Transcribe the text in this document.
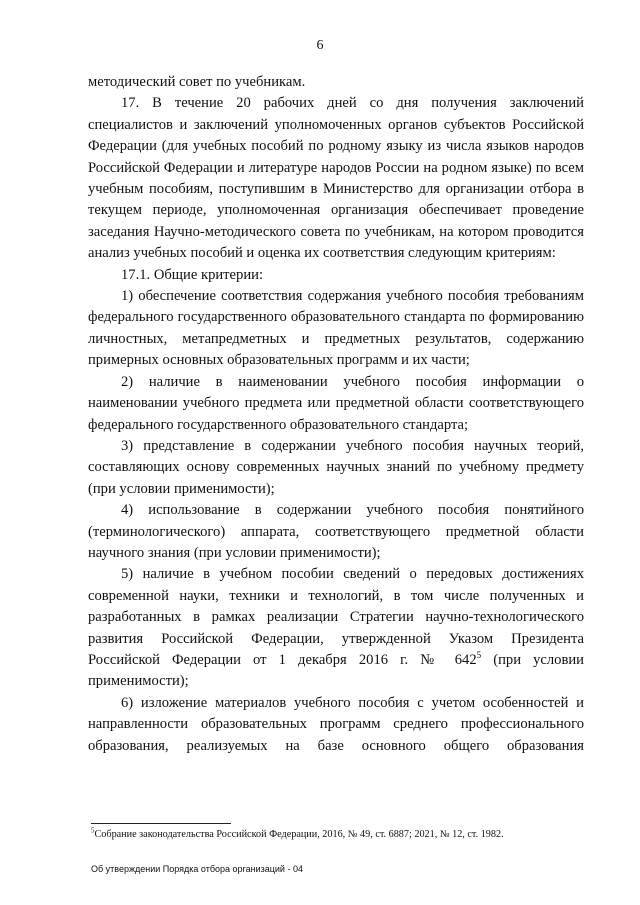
6

методический совет по учебникам.

17. В течение 20 рабочих дней со дня получения заключений специалистов и заключений уполномоченных органов субъектов Российской Федерации (для учебных пособий по родному языку из числа языков народов Российской Федерации и литературе народов России на родном языке) по всем учебным пособиям, поступившим в Министерство для организации отбора в текущем периоде, уполномоченная организация обеспечивает проведение заседания Научно-методического совета по учебникам, на котором проводится анализ учебных пособий и оценка их соответствия следующим критериям:

17.1. Общие критерии:

1) обеспечение соответствия содержания учебного пособия требованиям федерального государственного образовательного стандарта по формированию личностных, метапредметных и предметных результатов, содержанию примерных основных образовательных программ и их части;

2) наличие в наименовании учебного пособия информации о наименовании учебного предмета или предметной области соответствующего федерального государственного образовательного стандарта;

3) представление в содержании учебного пособия научных теорий, составляющих основу современных научных знаний по учебному предмету (при условии применимости);

4) использование в содержании учебного пособия понятийного (терминологического) аппарата, соответствующего предметной области научного знания (при условии применимости);

5) наличие в учебном пособии сведений о передовых достижениях современной науки, техники и технологий, в том числе полученных и разработанных в рамках реализации Стратегии научно-технологического развития Российской Федерации, утвержденной Указом Президента Российской Федерации от 1 декабря 2016 г. № 642$^5$ (при условии применимости);

6) изложение материалов учебного пособия с учетом особенностей и направленности образовательных программ среднего профессионального образования, реализуемых на базе основного общего образования

$^5$Собрание законодательства Российской Федерации, 2016, № 49, ст. 6887; 2021, № 12, ст. 1982.
Об утверждении Порядка отбора организаций - 04
